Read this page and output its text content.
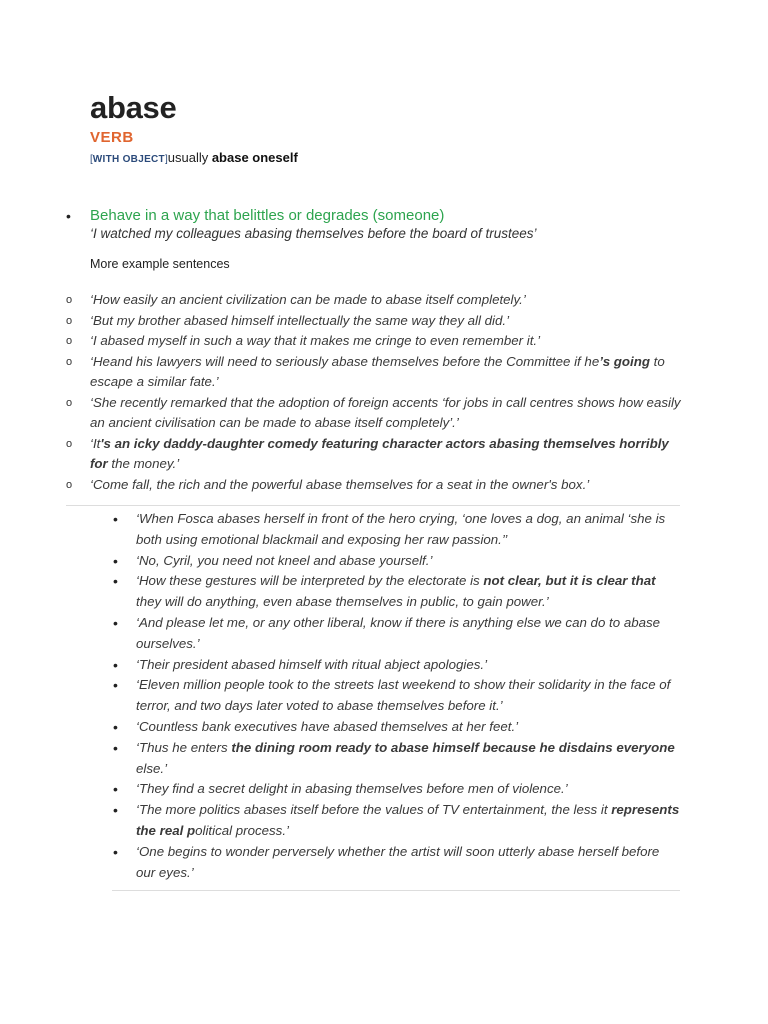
abase
VERB
[WITH OBJECT]usually abase oneself
• Behave in a way that belittles or degrades (someone)
‘I watched my colleagues abasing themselves before the board of trustees’
More example sentences
o ‘How easily an ancient civilization can be made to abase itself completely.’
o ‘But my brother abased himself intellectually the same way they all did.’
o ‘I abased myself in such a way that it makes me cringe to even remember it.’
o ‘Heand his lawyers will need to seriously abase themselves before the Committee if he’s going to escape a similar fate.’
o ‘She recently remarked that the adoption of foreign accents ‘for jobs in call centres shows how easily an ancient civilisation can be made to abase itself completely’.’
o ‘It's an icky daddy-daughter comedy featuring character actors abasing themselves horribly for the money.’
o ‘Come fall, the rich and the powerful abase themselves for a seat in the owner's box.’
• ‘When Fosca abases herself in front of the hero crying, ‘one loves a dog, an animal ‘she is both using emotional blackmail and exposing her raw passion.’’
• ‘No, Cyril, you need not kneel and abase yourself.’
• ‘How these gestures will be interpreted by the electorate is not clear, but it is clear that they will do anything, even abase themselves in public, to gain power.’
• ‘And please let me, or any other liberal, know if there is anything else we can do to abase ourselves.’
• ‘Their president abased himself with ritual abject apologies.’
• ‘Eleven million people took to the streets last weekend to show their solidarity in the face of terror, and two days later voted to abase themselves before it.’
• ‘Countless bank executives have abased themselves at her feet.’
• ‘Thus he enters the dining room ready to abase himself because he disdains everyone else.’
• ‘They find a secret delight in abasing themselves before men of violence.’
• ‘The more politics abases itself before the values of TV entertainment, the less it represents the real political process.’
• ‘One begins to wonder perversely whether the artist will soon utterly abase herself before our eyes.’
